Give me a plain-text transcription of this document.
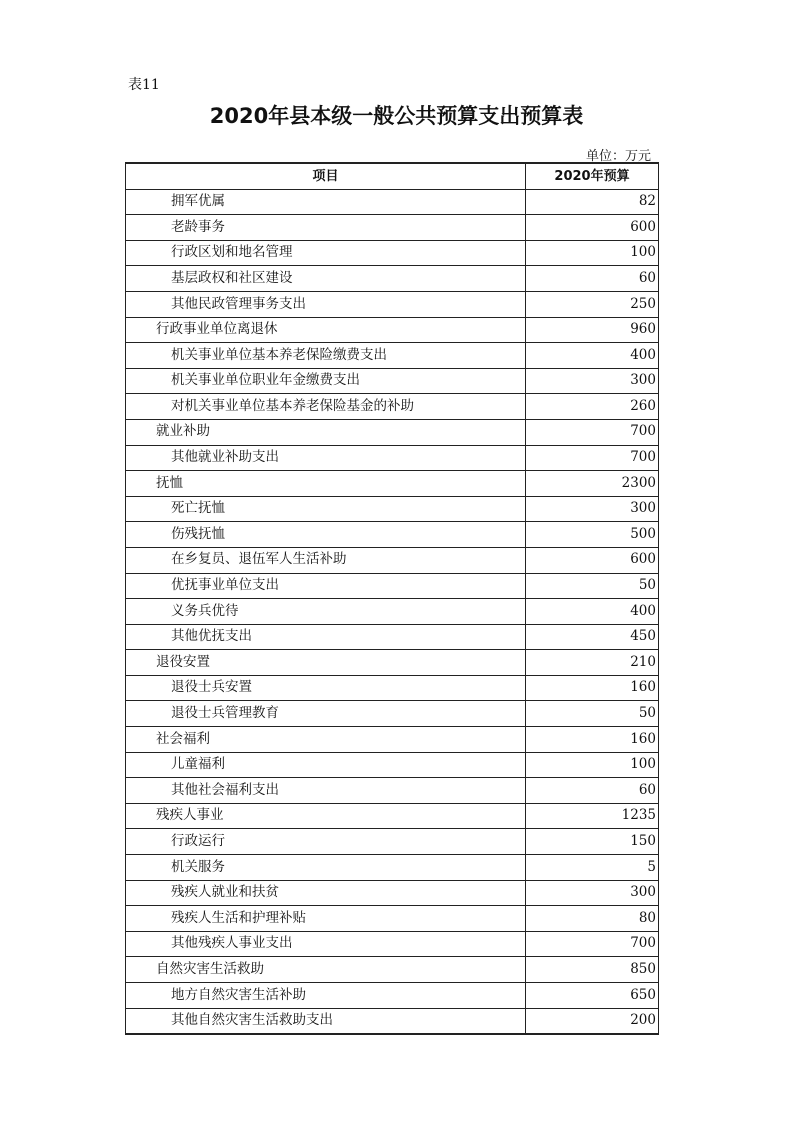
表11
2020年县本级一般公共预算支出预算表
单位：万元
项目	2020年预算
拥军优属	82
老龄事务	600
行政区划和地名管理	100
基层政权和社区建设	60
其他民政管理事务支出	250
行政事业单位离退休	960
机关事业单位基本养老保险缴费支出	400
机关事业单位职业年金缴费支出	300
对机关事业单位基本养老保险基金的补助	260
就业补助	700
其他就业补助支出	700
抚恤	2300
死亡抚恤	300
伤残抚恤	500
在乡复员、退伍军人生活补助	600
优抚事业单位支出	50
义务兵优待	400
其他优抚支出	450
退役安置	210
退役士兵安置	160
退役士兵管理教育	50
社会福利	160
儿童福利	100
其他社会福利支出	60
残疾人事业	1235
行政运行	150
机关服务	5
残疾人就业和扶贫	300
残疾人生活和护理补贴	80
其他残疾人事业支出	700
自然灾害生活救助	850
地方自然灾害生活补助	650
其他自然灾害生活救助支出	200
